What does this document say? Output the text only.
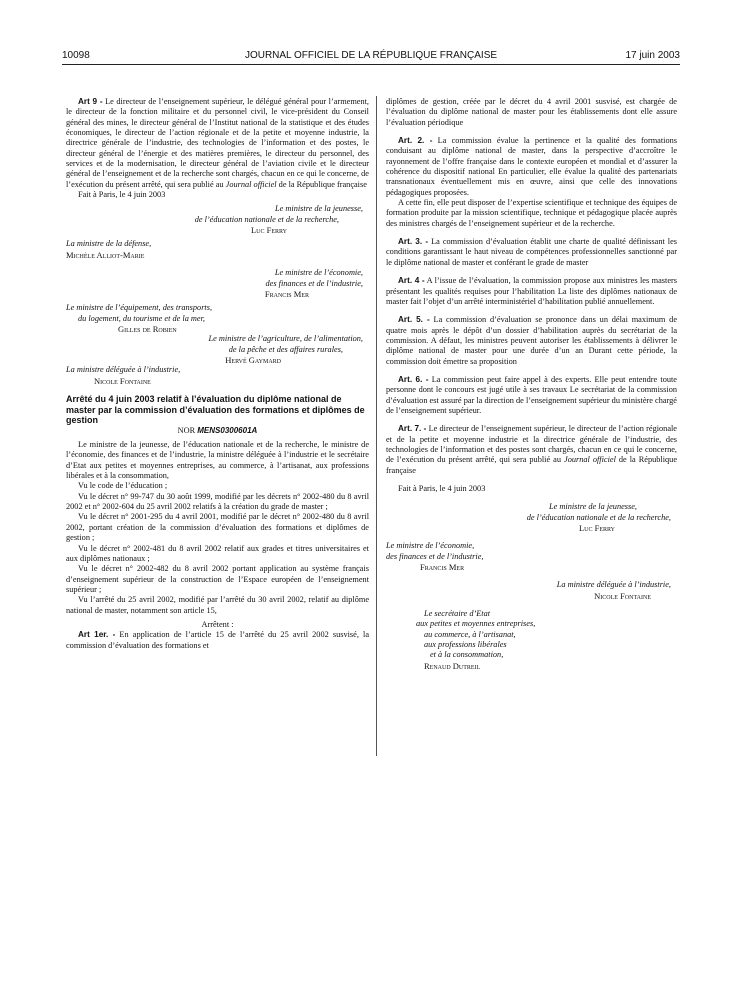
10098	JOURNAL OFFICIEL DE LA RÉPUBLIQUE FRANÇAISE	17 juin 2003

Art 9 - Le directeur de l’enseignement supérieur, le délégué général pour l’armement, le directeur de la fonction militaire et du personnel civil, le vice-président du Conseil général des mines, le directeur général de l’Institut national de la statistique et des études économiques, le directeur de l’action régionale et de la petite et moyenne industrie, la directrice générale de l’industrie, des technologies de l’information et des postes, le directeur général de l’énergie et des matières premières, le directeur du personnel, des services et de la modernisation, le directeur général de l’aviation civile et le directeur général de l’enseignement et de la recherche sont chargés, chacun en ce qui le concerne, de l’exécution du présent arrêté, qui sera publié au Journal officiel de la République française

Fait à Paris, le 4 juin 2003

Le ministre de la jeunesse,

de l’éducation nationale et de la recherche,

Luc Ferry

La ministre de la défense,

Michèle Alliot-Marie

Le ministre de l’économie,

des finances et de l’industrie,

Francis Mer

Le ministre de l’équipement, des transports,

du logement, du tourisme et de la mer,

Gilles de Robien

Le ministre de l’agriculture, de l’alimentation,

de la pêche et des affaires rurales,

Hervé Gaymard

La ministre déléguée à l’industrie,

Nicole Fontaine

Arrêté du 4 juin 2003 relatif à l’évaluation du diplôme national de master par la commission d’évaluation des formations et diplômes de gestion

NOR MENS0300601A

Le ministre de la jeunesse, de l’éducation nationale et de la recherche, le ministre de l’économie, des finances et de l’industrie, la ministre déléguée à l’industrie et le secrétaire d’Etat aux petites et moyennes entreprises, au commerce, à l’artisanat, aux professions libérales et à la consommation,

Vu le code de l’éducation ;

Vu le décret n° 99-747 du 30 août 1999, modifié par les décrets n° 2002-480 du 8 avril 2002 et n° 2002-604 du 25 avril 2002 relatifs à la création du grade de master ;

Vu le décret n° 2001-295 du 4 avril 2001, modifié par le décret n° 2002-480 du 8 avril 2002, portant création de la commission d’évaluation des formations et diplômes de gestion ;

Vu le décret n° 2002-481 du 8 avril 2002 relatif aux grades et titres universitaires et aux diplômes nationaux ;

Vu le décret n° 2002-482 du 8 avril 2002 portant application au système français d’enseignement supérieur de la construction de l’Espace européen de l’enseignement supérieur ;

Vu l’arrêté du 25 avril 2002, modifié par l’arrêté du 30 avril 2002, relatif au diplôme national de master, notamment son article 15,

Arrêtent :

Art 1er. - En application de l’article 15 de l’arrêté du 25 avril 2002 susvisé, la commission d’évaluation des formations et

diplômes de gestion, créée par le décret du 4 avril 2001 susvisé, est chargée de l’évaluation du diplôme national de master pour les établissements dont elle assure l’évaluation périodique

Art. 2. - La commission évalue la pertinence et la qualité des formations conduisant au diplôme national de master, dans la perspective d’accroître le rayonnement de l’offre française dans le contexte européen et mondial et d’assurer la cohérence du dispositif national En particulier, elle évalue la qualité des partenariats transnationaux éventuellement mis en œuvre, ainsi que celle des innovations pédagogiques proposées.

A cette fin, elle peut disposer de l’expertise scientifique et technique des équipes de formation produite par la mission scientifique, technique et pédagogique placée auprès des ministres chargés de l’enseignement supérieur et de la recherche.

Art. 3. - La commission d’évaluation établit une charte de qualité définissant les conditions garantissant le haut niveau de compétences professionnelles sanctionné par le diplôme national de master et conférant le grade de master

Art. 4 - A l’issue de l’évaluation, la commission propose aux ministres les masters présentant les qualités requises pour l’habilitation La liste des diplômes nationaux de master fait l’objet d’un arrêté interministériel d’habilitation publié annuellement.

Art. 5. - La commission d’évaluation se prononce dans un délai maximum de quatre mois après le dépôt d’un dossier d’habilitation auprès du secrétariat de la commission. A défaut, les ministres peuvent autoriser les établissements à délivrer le diplôme national de master pour une durée d’un an Durant cette période, la commission doit émettre sa proposition

Art. 6. - La commission peut faire appel à des experts. Elle peut entendre toute personne dont le concours est jugé utile à ses travaux Le secrétariat de la commission d’évaluation est assuré par la direction de l’enseignement supérieur du ministère chargé de l’enseignement supérieur.

Art. 7. - Le directeur de l’enseignement supérieur, le directeur de l’action régionale et de la petite et moyenne industrie et la directrice générale de l’industrie, des technologies de l’information et des postes sont chargés, chacun en ce qui le concerne, de l’exécution du présent arrêté, qui sera publié au Journal officiel de la République française

Fait à Paris, le 4 juin 2003

Le ministre de la jeunesse,

de l’éducation nationale et de la recherche,

Luc Ferry

Le ministre de l’économie,

des finances et de l’industrie,

Francis Mer

La ministre déléguée à l’industrie,

Nicole Fontaine

Le secrétaire d’Etat

aux petites et moyennes entreprises,

au commerce, à l’artisanat,

aux professions libérales

et à la consommation,

Renaud Dutreil
